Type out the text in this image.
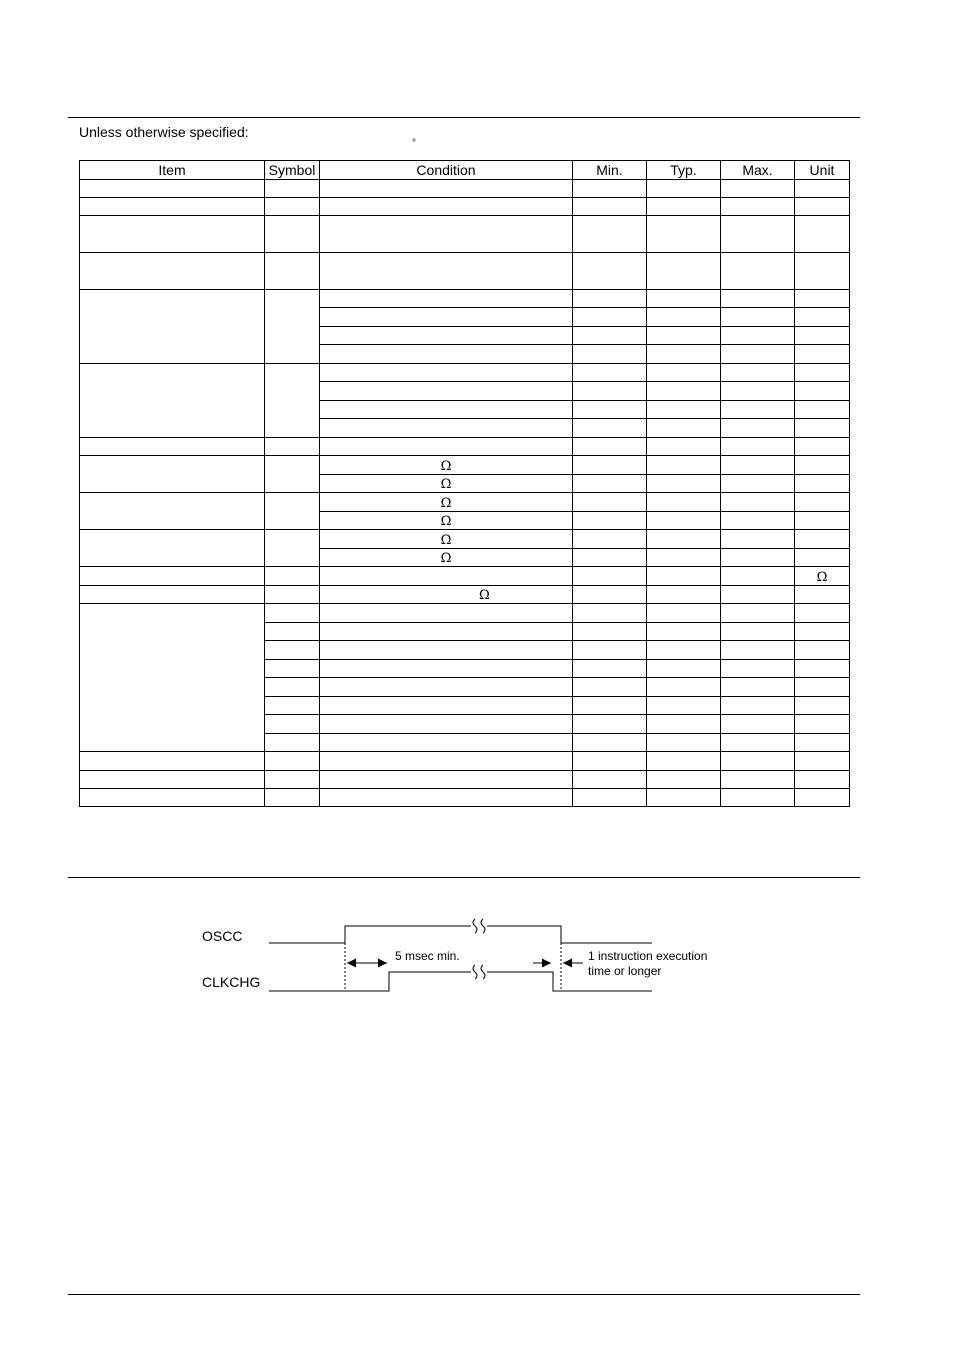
Unless otherwise specified:
°
Item	Symbol	Condition	Min.	Typ.	Max.	Unit

		Ω				
		Ω				
		Ω				
		Ω				
		Ω				
		Ω				
						Ω
		Ω				

OSCC
CLKCHG
5 msec min.	1 instruction execution
time or longer
